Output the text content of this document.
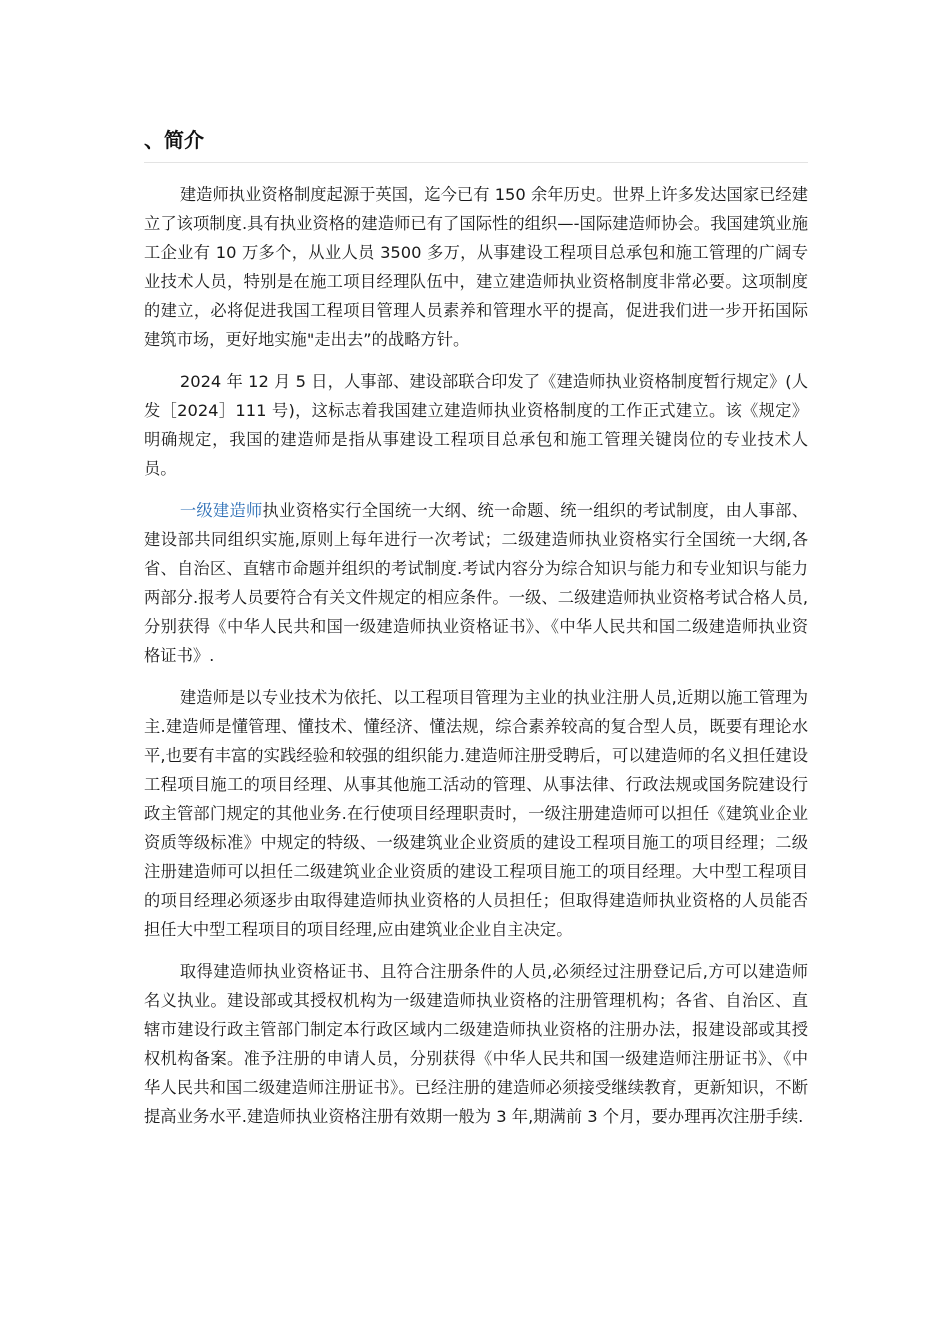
、简介

建造师执业资格制度起源于英国，迄今已有 150 余年历史。世界上许多发达国家已经建立了该项制度.具有执业资格的建造师已有了国际性的组织—-国际建造师协会。我国建筑业施工企业有 10 万多个，从业人员 3500 多万，从事建设工程项目总承包和施工管理的广阔专业技术人员，特别是在施工项目经理队伍中，建立建造师执业资格制度非常必要。这项制度的建立，必将促进我国工程项目管理人员素养和管理水平的提高，促进我们进一步开拓国际建筑市场，更好地实施"走出去”的战略方针。

2024 年 12 月 5 日，人事部、建设部联合印发了《建造师执业资格制度暂行规定》(人发［2024］111 号)，这标志着我国建立建造师执业资格制度的工作正式建立。该《规定》明确规定，我国的建造师是指从事建设工程项目总承包和施工管理关键岗位的专业技术人员。

一级建造师执业资格实行全国统一大纲、统一命题、统一组织的考试制度，由人事部、建设部共同组织实施,原则上每年进行一次考试；二级建造师执业资格实行全国统一大纲,各省、自治区、直辖市命题并组织的考试制度.考试内容分为综合知识与能力和专业知识与能力两部分.报考人员要符合有关文件规定的相应条件。一级、二级建造师执业资格考试合格人员,分别获得《中华人民共和国一级建造师执业资格证书》、《中华人民共和国二级建造师执业资格证书》.

建造师是以专业技术为依托、以工程项目管理为主业的执业注册人员,近期以施工管理为主.建造师是懂管理、懂技术、懂经济、懂法规，综合素养较高的复合型人员，既要有理论水平,也要有丰富的实践经验和较强的组织能力.建造师注册受聘后，可以建造师的名义担任建设工程项目施工的项目经理、从事其他施工活动的管理、从事法律、行政法规或国务院建设行政主管部门规定的其他业务.在行使项目经理职责时，一级注册建造师可以担任《建筑业企业资质等级标准》中规定的特级、一级建筑业企业资质的建设工程项目施工的项目经理；二级注册建造师可以担任二级建筑业企业资质的建设工程项目施工的项目经理。大中型工程项目的项目经理必须逐步由取得建造师执业资格的人员担任；但取得建造师执业资格的人员能否担任大中型工程项目的项目经理,应由建筑业企业自主决定。

取得建造师执业资格证书、且符合注册条件的人员,必须经过注册登记后,方可以建造师名义执业。建设部或其授权机构为一级建造师执业资格的注册管理机构；各省、自治区、直辖市建设行政主管部门制定本行政区域内二级建造师执业资格的注册办法，报建设部或其授权机构备案。准予注册的申请人员，分别获得《中华人民共和国一级建造师注册证书》、《中华人民共和国二级建造师注册证书》。已经注册的建造师必须接受继续教育，更新知识，不断提高业务水平.建造师执业资格注册有效期一般为 3 年,期满前 3 个月，要办理再次注册手续.
